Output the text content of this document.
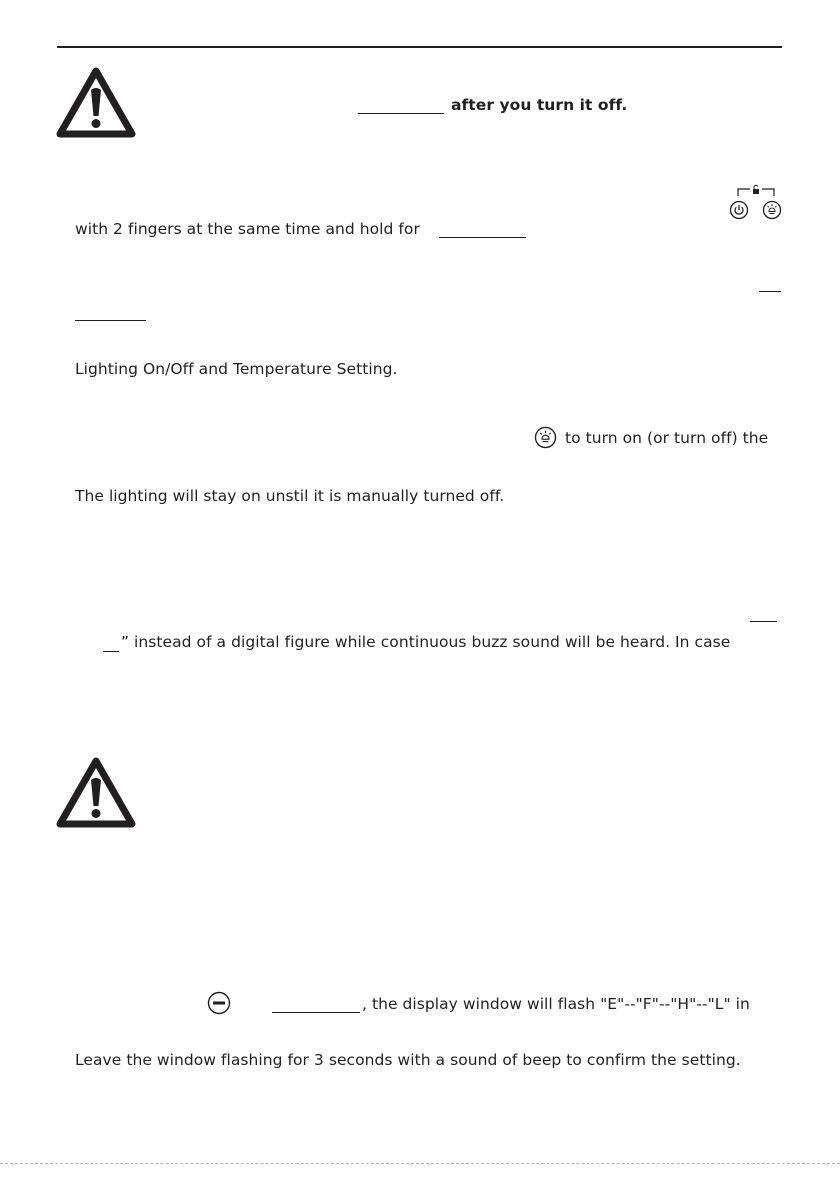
after you turn it off.
with 2 fingers at the same time and hold for
Lighting On/Off and Temperature Setting.
to turn on (or turn off) the
The lighting will stay on unstil it is manually turned off.
” instead of a digital figure while continuous buzz sound will be heard. In case
, the display window will flash "E"--"F"--"H"--"L" in
Leave the window flashing for 3 seconds with a sound of beep to confirm the setting.
